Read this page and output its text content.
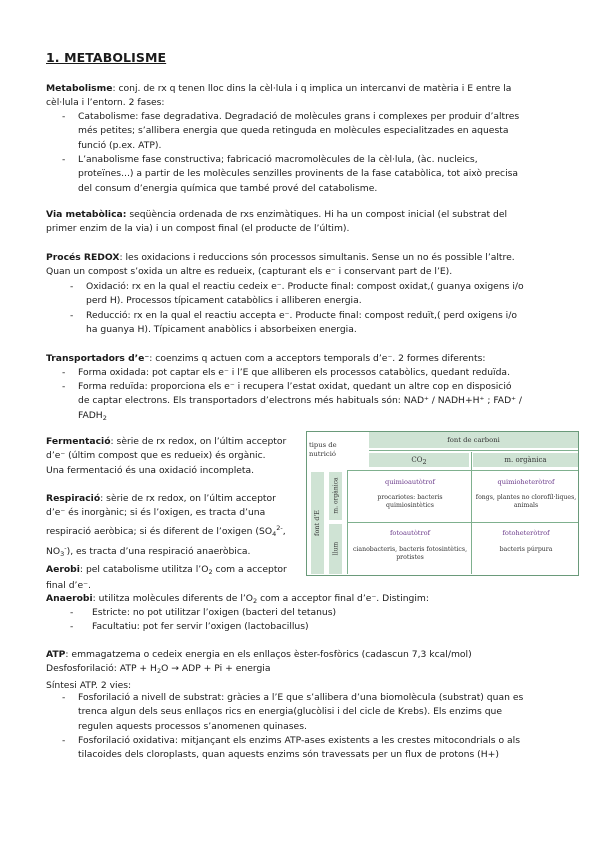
1. METABOLISME
Metabolisme: conj. de rx q tenen lloc dins la cèl·lula i q implica un intercanvi de matèria i E entre la
cèl·lula i l’entorn. 2 fases:
- Catabolisme: fase degradativa. Degradació de molècules grans i complexes per produir d’altres
més petites; s’allibera energia que queda retinguda en molècules especialitzades en aquesta
funció (p.ex. ATP).
- L’anabolisme fase constructiva; fabricació macromolècules de la cèl·lula, (àc. nucleics,
proteïnes...) a partir de les molècules senzilles provinents de la fase catabòlica, tot això precisa
del consum d’energia química que també prové del catabolisme.
Via metabòlica: seqüència ordenada de rxs enzimàtiques. Hi ha un compost inicial (el substrat del
primer enzim de la via) i un compost final (el producte de l’últim).
Procés REDOX: les oxidacions i reduccions són processos simultanis. Sense un no és possible l’altre.
Quan un compost s’oxida un altre es redueix, (capturant els e⁻ i conservant part de l’E).
- Oxidació: rx en la qual el reactiu cedeix e⁻. Producte final: compost oxidat,( guanya oxigens i/o
perd H). Processos típicament catabòlics i alliberen energia.
- Reducció: rx en la qual el reactiu accepta e⁻. Producte final: compost reduït,( perd oxigens i/o
ha guanya H). Típicament anabòlics i absorbeixen energia.
Transportadors d’e⁻: coenzims q actuen com a acceptors temporals d’e⁻. 2 formes diferents:
- Forma oxidada: pot captar els e⁻ i l’E que alliberen els processos catabòlics, quedant reduïda.
- Forma reduïda: proporciona els e⁻ i recupera l’estat oxidat, quedant un altre cop en disposició
de captar electrons. Els transportadors d’electrons més habituals són: NAD⁺ / NADH+H⁺ ; FAD⁺ /
$FADH_2$
Fermentació: sèrie de rx redox, on l’últim acceptor
d’e⁻ (últim compost que es redueix) és orgànic.
Una fermentació és una oxidació incompleta.
Respiració: sèrie de rx redox, on l’últim acceptor
d’e⁻ és inorgànic; si és l’oxigen, es tracta d’una
respiració aeròbica; si és diferent de l’oxigen ($SO_4^{2-}$,
$NO_3^-$), es tracta d’una respiració anaeròbica.
Aerobi: pel catabolisme utilitza $l’O_2$ com a acceptor
final d’e⁻.
Anaerobi: utilitza molècules diferents de $l’O_2$ com a acceptor final d’e⁻. Distingim:
- Estricte: no pot utilitzar l’oxigen (bacteri del tetanus)
- Facultatiu: pot fer servir l’oxigen (lactobacillus)
ATP: emmagatzema o cedeix energia en els enllaços èster-fosfòrics (cadascun 7,3 kcal/mol)
Desfosforilació: ATP + $H_2O$ → ADP + Pi + energia
Síntesi ATP. 2 vies:
- Fosforilació a nivell de substrat: gràcies a l’E que s’allibera d’una biomolècula (substrat) quan es
trenca algun dels seus enllaços rics en energia(glucòlisi i del cicle de Krebs). Els enzims que
regulen aquests processos s’anomenen quinases.
- Fosforilació oxidativa: mitjançant els enzims ATP-ases existents a les crestes mitocondrials o als
tilacoides dels cloroplasts, quan aquests enzims són travessats per un flux de protons (H+)
font de carboni
tipus de
nutrició
CO2	m. orgànica
font d'E
m. orgànica
llum
quimioautòtrof
procariotes: bacteris
quimiosintètics
quimioheteròtrof
fongs, plantes no clorofíl·liques,
animals
fotoautòtrof
cianobacteris, bacteris fotosintètics,
protistes
fotoheteròtrof
bacteris púrpura
